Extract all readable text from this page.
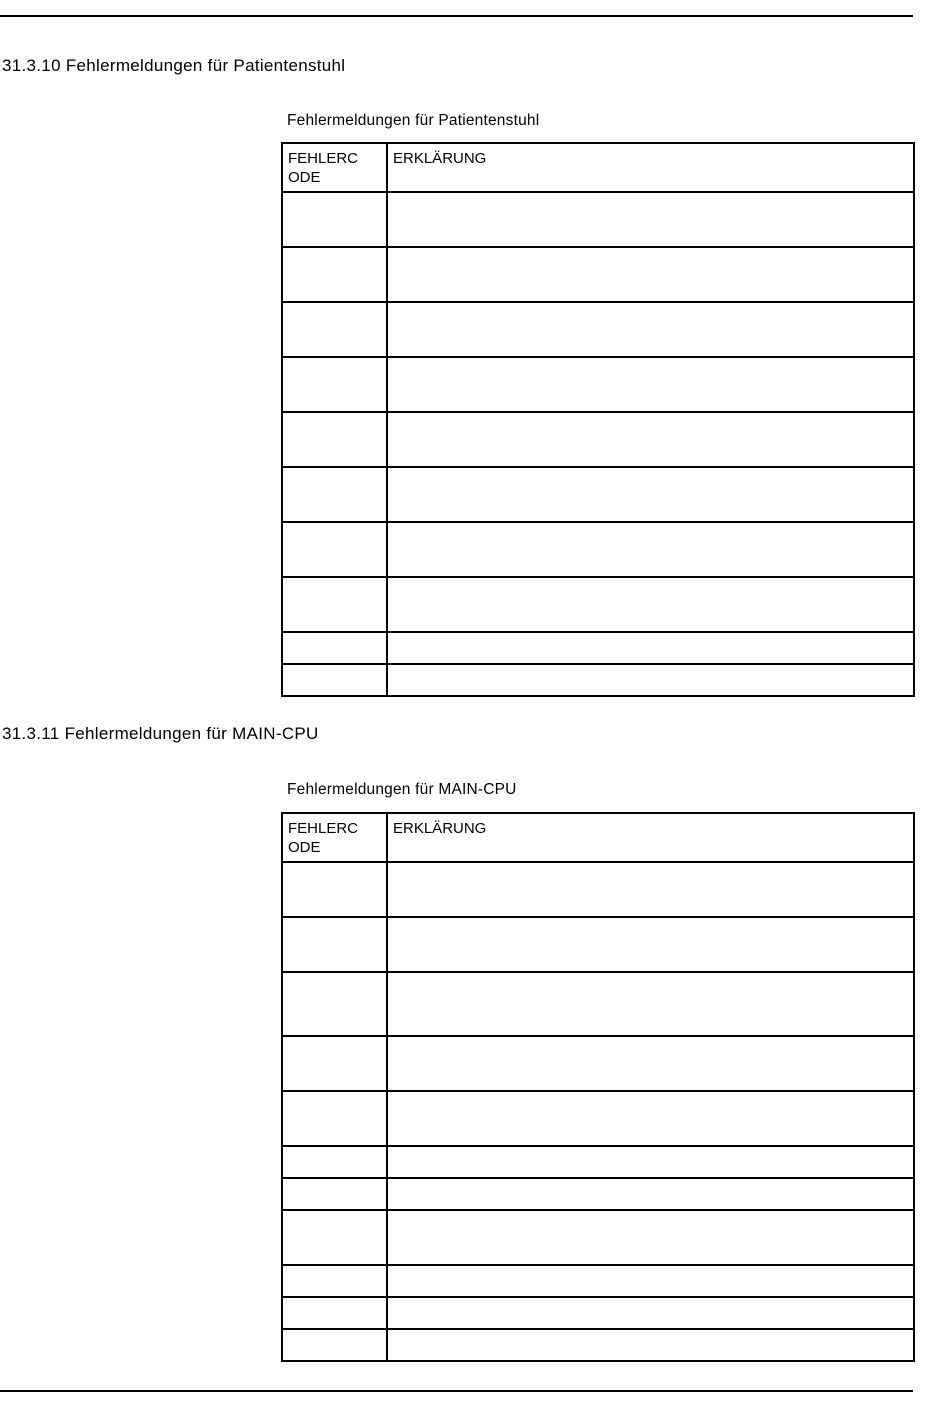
31.3.10 Fehlermeldungen für Patientenstuhl
Fehlermeldungen für Patientenstuhl
FEHLERC ODE	ERKLÄRUNG

31.3.11 Fehlermeldungen für MAIN-CPU
Fehlermeldungen für MAIN-CPU
FEHLERC ODE	ERKLÄRUNG
